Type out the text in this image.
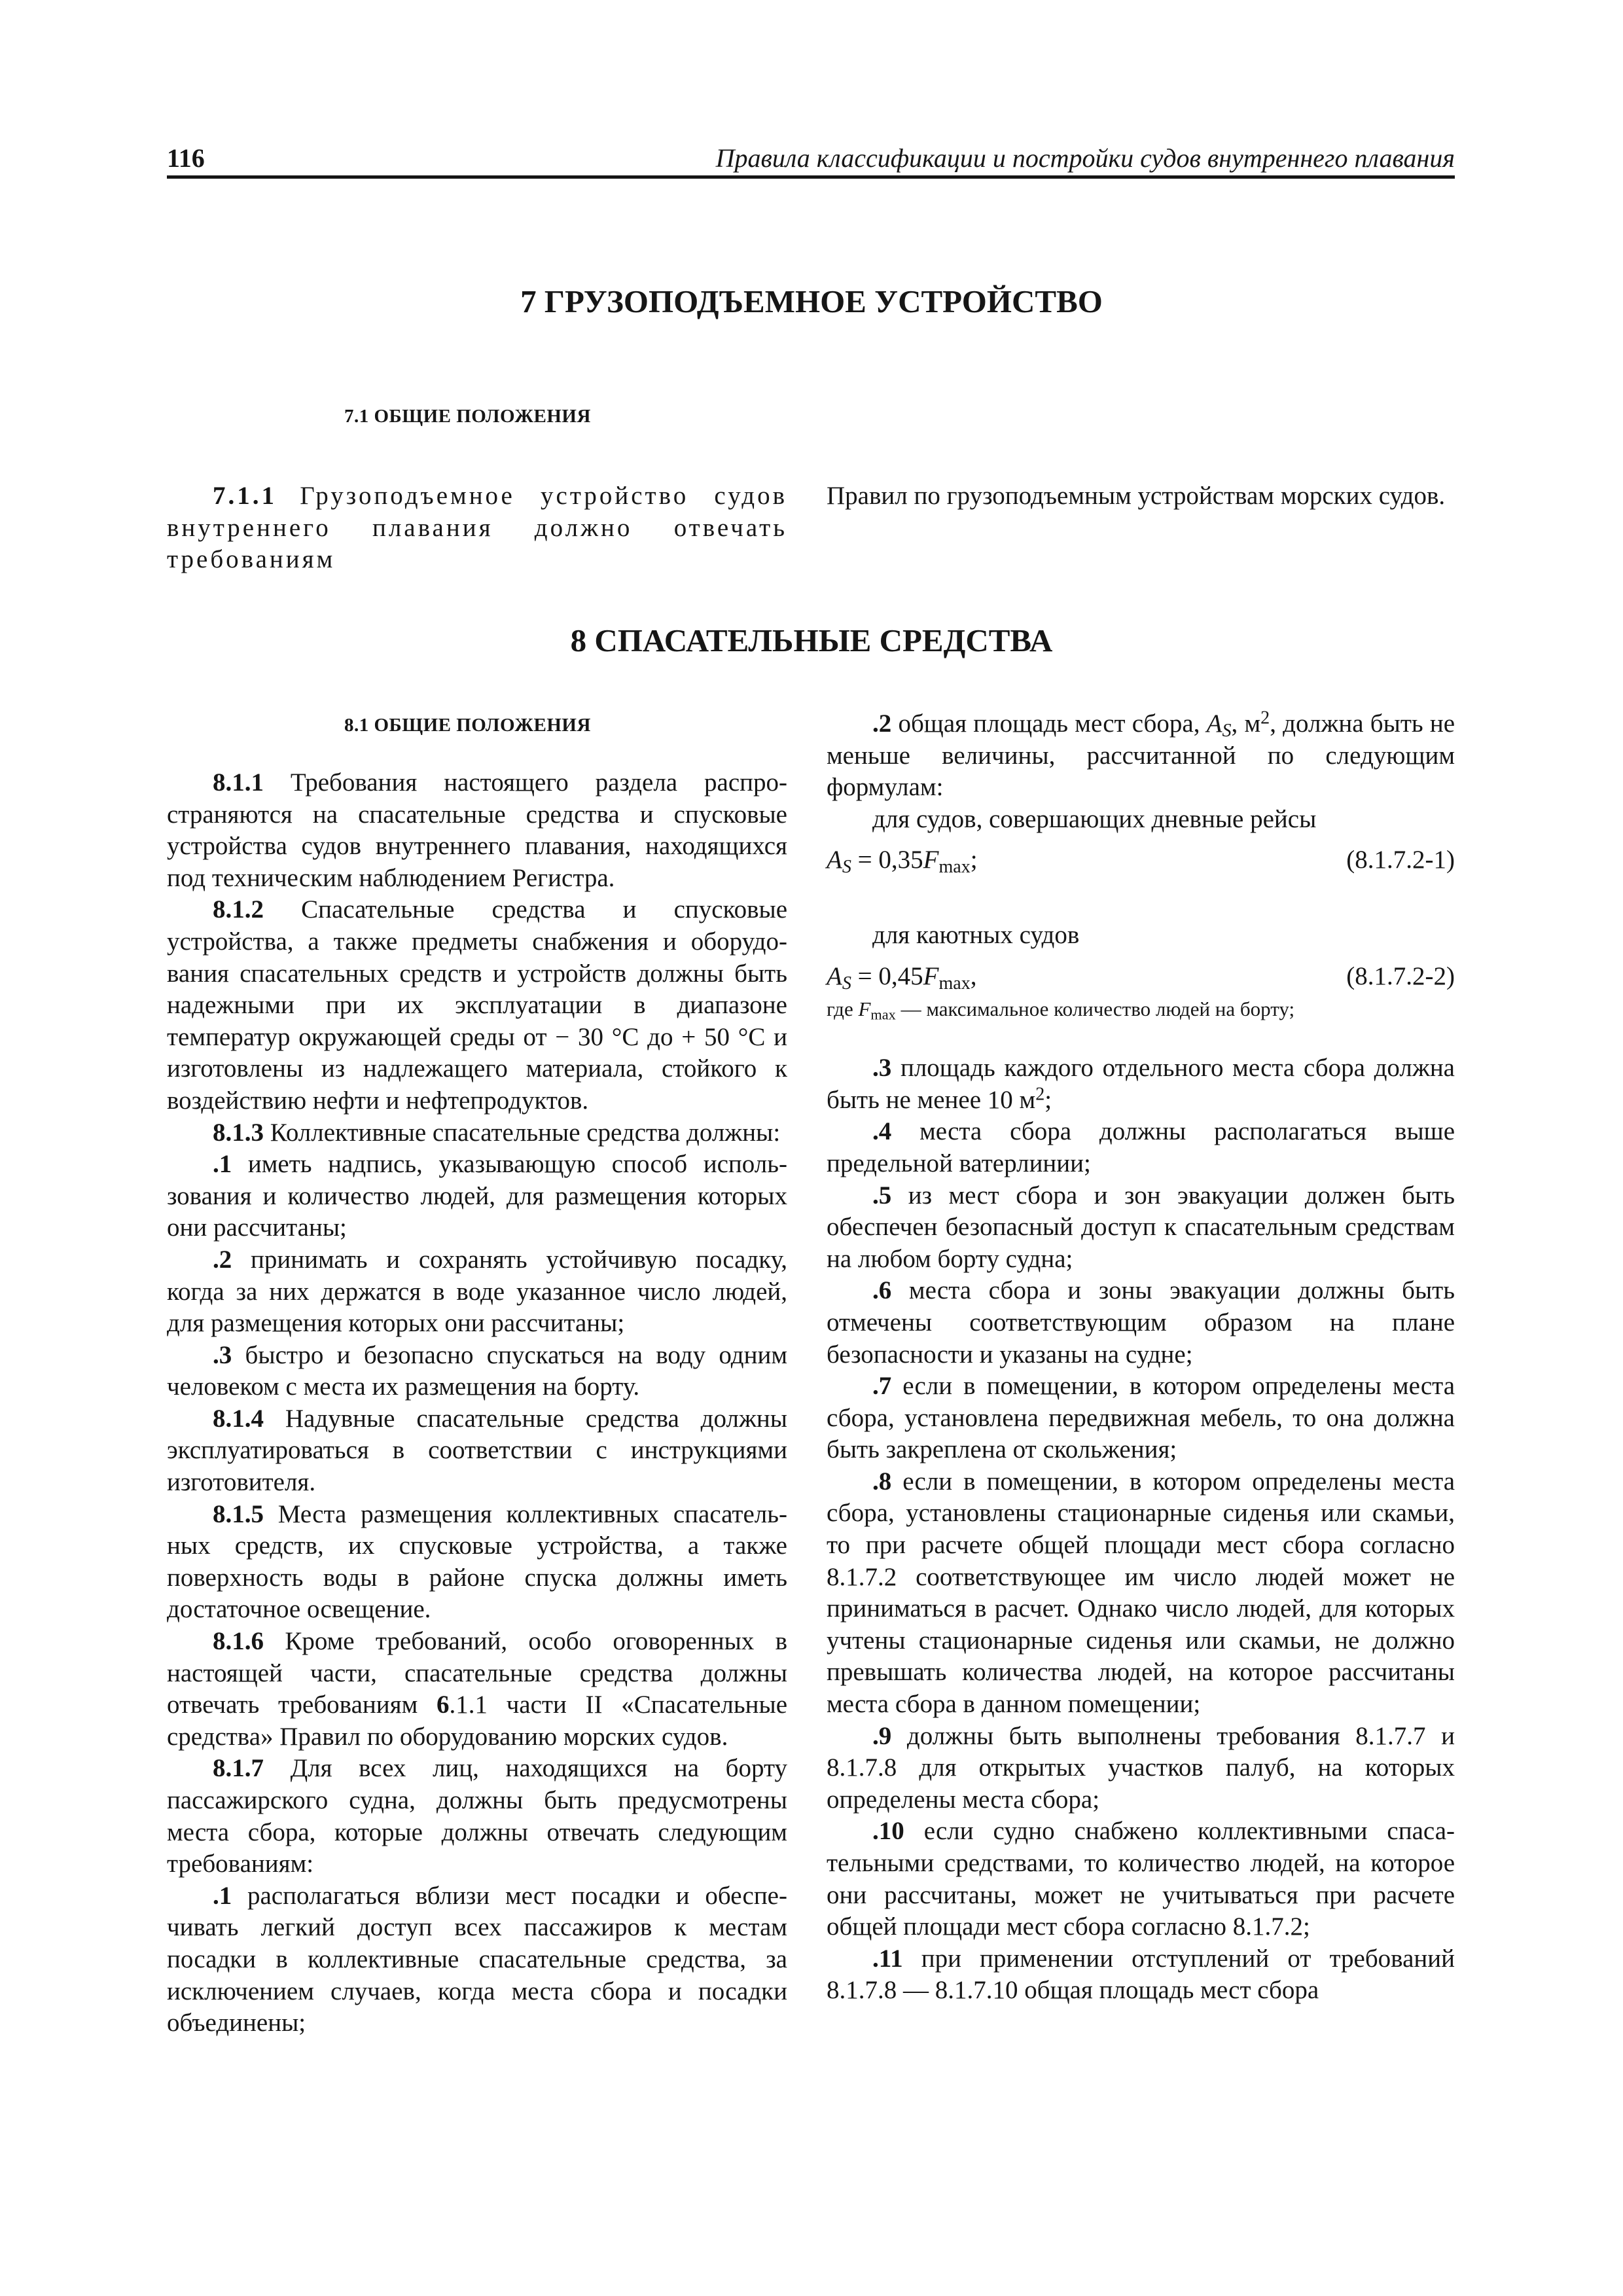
116	Правила классификации и постройки судов внутреннего плавания
7 ГРУЗОПОДЪЕМНОЕ УСТРОЙСТВО
7.1 ОБЩИЕ ПОЛОЖЕНИЯ

7.1.1 Грузоподъемное устройство судов внутреннего плавания должно отвечать требованиям

Правил по грузоподъемным устройствам морских судов.

8 СПАСАТЕЛЬНЫЕ СРЕДСТВА
8.1 ОБЩИЕ ПОЛОЖЕНИЯ

8.1.1 Требования настоящего раздела распространяются на спасательные средства и спусковые устройства судов внутреннего плавания, находящихся под техническим наблюдением Регистра.

8.1.2 Спасательные средства и спусковые устройства, а также предметы снабжения и оборудования спасательных средств и устройств должны быть надежными при их эксплуатации в диапазоне температур окружающей среды от − 30 °С до + 50 °С и изготовлены из надлежащего материала, стойкого к воздействию нефти и нефтепродуктов.

8.1.3 Коллективные спасательные средства должны:

.1 иметь надпись, указывающую способ использования и количество людей, для размещения которых они рассчитаны;

.2 принимать и сохранять устойчивую посадку, когда за них держатся в воде указанное число людей, для размещения которых они рассчитаны;

.3 быстро и безопасно спускаться на воду одним человеком с места их размещения на борту.

8.1.4 Надувные спасательные средства должны эксплуатироваться в соответствии с инструкциями изготовителя.

8.1.5 Места размещения коллективных спасательных средств, их спусковые устройства, а также поверхность воды в районе спуска должны иметь достаточное освещение.

8.1.6 Кроме требований, особо оговоренных в настоящей части, спасательные средства должны отвечать требованиям 6.1.1 части II «Спасательные средства» Правил по оборудованию морских судов.

8.1.7 Для всех лиц, находящихся на борту пассажирского судна, должны быть предусмотрены места сбора, которые должны отвечать следующим требованиям:

.1 располагаться вблизи мест посадки и обеспечивать легкий доступ всех пассажиров к местам посадки в коллективные спасательные средства, за исключением случаев, когда места сбора и посадки объединены;

.2 общая площадь мест сбора, $A_S$, $м^2$, должна быть не меньше величины, рассчитанной по следующим формулам:

для судов, совершающих дневные рейсы

$A_S = 0,35F_{max}$;	(8.1.7.2-1)

для каютных судов

$A_S = 0,45F_{max}$,	(8.1.7.2-2)

где $F_{max}$ — максимальное количество людей на борту;

.3 площадь каждого отдельного места сбора должна быть не менее 10 $м^2$;

.4 места сбора должны располагаться выше предельной ватерлинии;

.5 из мест сбора и зон эвакуации должен быть обеспечен безопасный доступ к спасательным средствам на любом борту судна;

.6 места сбора и зоны эвакуации должны быть отмечены соответствующим образом на плане безопасности и указаны на судне;

.7 если в помещении, в котором определены места сбора, установлена передвижная мебель, то она должна быть закреплена от скольжения;

.8 если в помещении, в котором определены места сбора, установлены стационарные сиденья или скамьи, то при расчете общей площади мест сбора согласно 8.1.7.2 соответствующее им число людей может не приниматься в расчет. Однако число людей, для которых учтены стационарные сиденья или скамьи, не должно превышать количества людей, на которое рассчитаны места сбора в данном помещении;

.9 должны быть выполнены требования 8.1.7.7 и 8.1.7.8 для открытых участков палуб, на которых определены места сбора;

.10 если судно снабжено коллективными спасательными средствами, то количество людей, на которое они рассчитаны, может не учитываться при расчете общей площади мест сбора согласно 8.1.7.2;

.11 при применении отступлений от требований 8.1.7.8 — 8.1.7.10 общая площадь мест сбора
